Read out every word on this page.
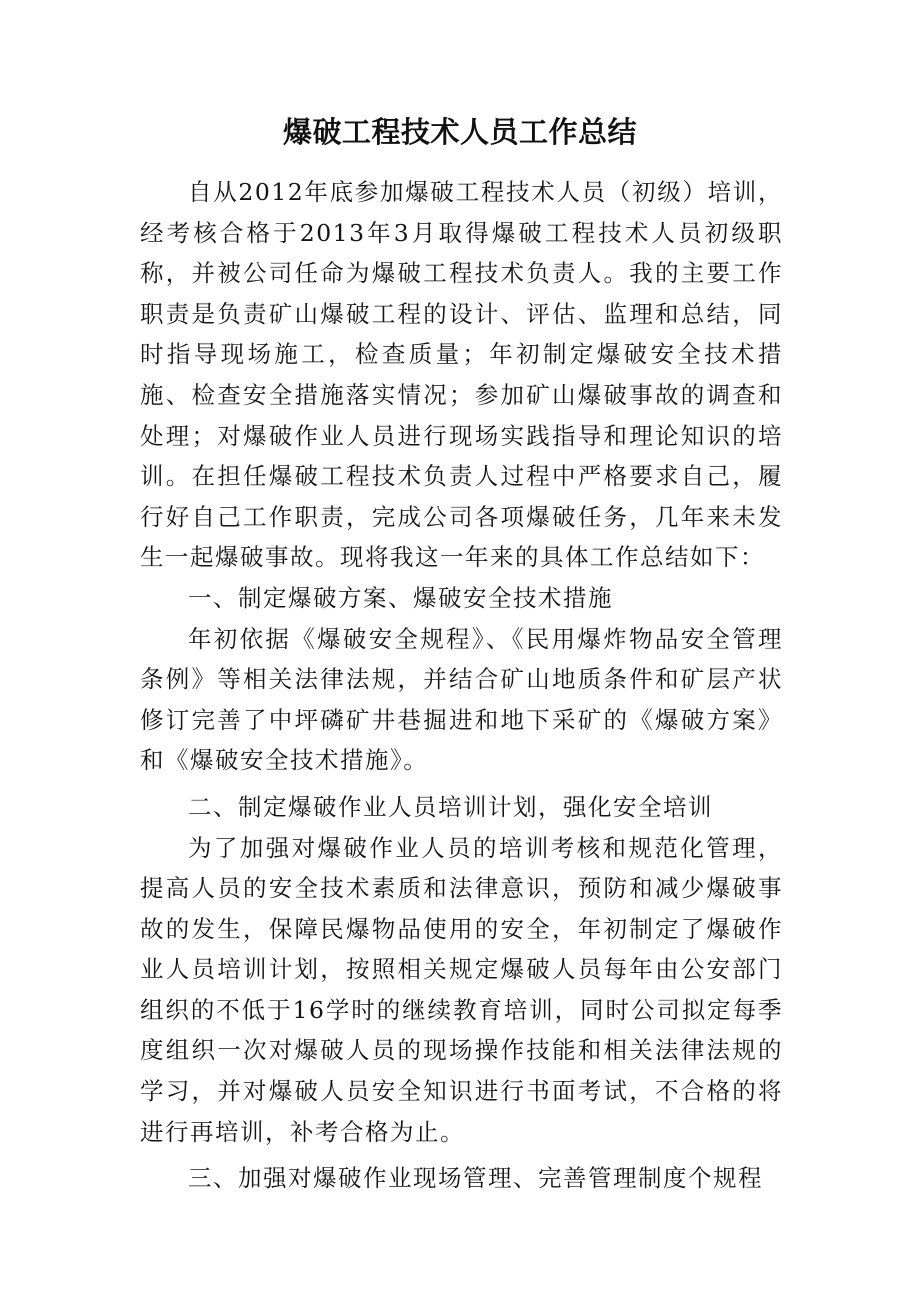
爆破工程技术人员工作总结

自从2012年底参加爆破工程技术人员（初级）培训，经考核合格于2013年3月取得爆破工程技术人员初级职称，并被公司任命为爆破工程技术负责人。我的主要工作职责是负责矿山爆破工程的设计、评估、监理和总结，同时指导现场施工，检查质量；年初制定爆破安全技术措施、检查安全措施落实情况；参加矿山爆破事故的调查和处理；对爆破作业人员进行现场实践指导和理论知识的培训。在担任爆破工程技术负责人过程中严格要求自己，履行好自己工作职责，完成公司各项爆破任务，几年来未发生一起爆破事故。现将我这一年来的具体工作总结如下：

一、制定爆破方案、爆破安全技术措施

年初依据《爆破安全规程》、《民用爆炸物品安全管理条例》等相关法律法规，并结合矿山地质条件和矿层产状修订完善了中坪磷矿井巷掘进和地下采矿的《爆破方案》和《爆破安全技术措施》。

二、制定爆破作业人员培训计划，强化安全培训

为了加强对爆破作业人员的培训考核和规范化管理，提高人员的安全技术素质和法律意识，预防和减少爆破事故的发生，保障民爆物品使用的安全，年初制定了爆破作业人员培训计划，按照相关规定爆破人员每年由公安部门组织的不低于16学时的继续教育培训，同时公司拟定每季度组织一次对爆破人员的现场操作技能和相关法律法规的学习，并对爆破人员安全知识进行书面考试，不合格的将进行再培训，补考合格为止。

三、加强对爆破作业现场管理、完善管理制度个规程
